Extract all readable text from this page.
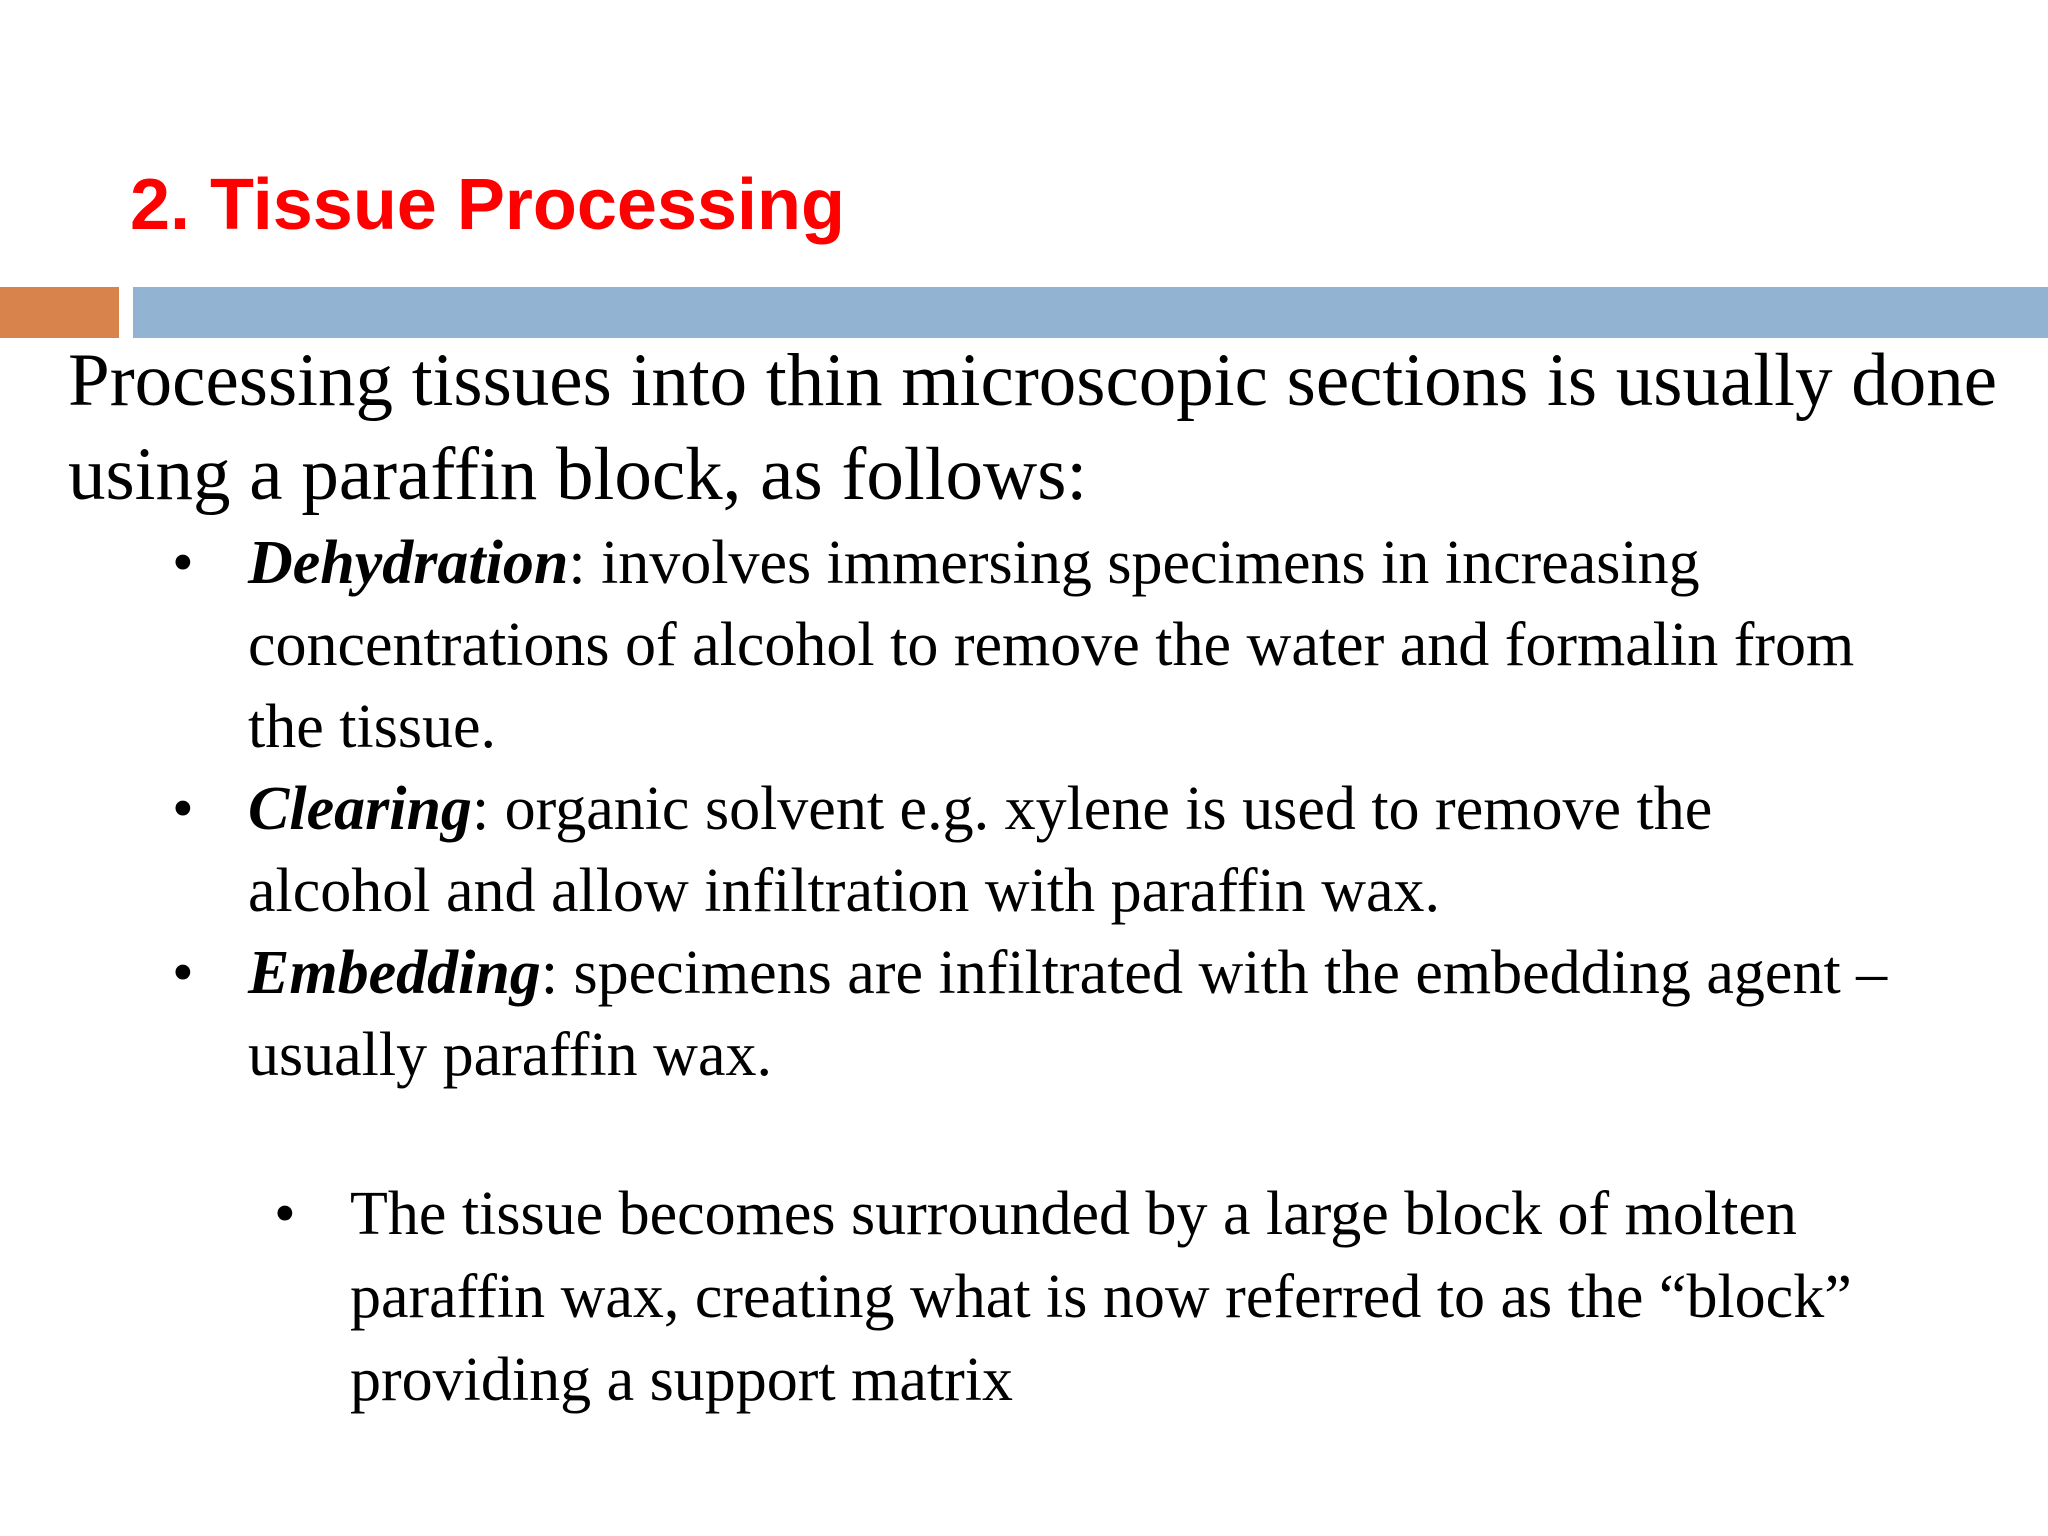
2. Tissue Processing

Processing tissues into thin microscopic sections is usually done using a paraffin block, as follows:

• Dehydration: involves immersing specimens in increasing concentrations of alcohol to remove the water and formalin from the tissue.
• Clearing: organic solvent e.g. xylene is used to remove the alcohol and allow infiltration with paraffin wax.
• Embedding: specimens are infiltrated with the embedding agent – usually paraffin wax.
• The tissue becomes surrounded by a large block of molten paraffin wax, creating what is now referred to as the “block” providing a support matrix
